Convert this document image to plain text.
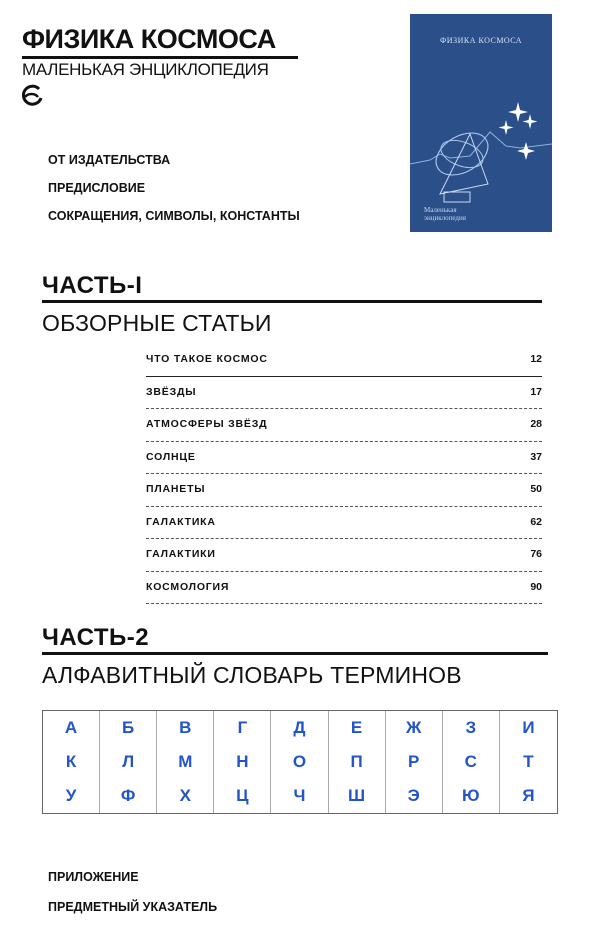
ФИЗИКА КОСМОСА
МАЛЕНЬКАЯ ЭНЦИКЛОПЕДИЯ
ОТ ИЗДАТЕЛЬСТВА
ПРЕДИСЛОВИЕ
СОКРАЩЕНИЯ, СИМВОЛЫ, КОНСТАНТЫ
ФИЗИКА КОСМОСА
Маленькая
энциклопедия
ЧАСТЬ-I
ОБЗОРНЫЕ СТАТЬИ
ЧТО ТАКОЕ КОСМОС	12
ЗВЁЗДЫ	17
АТМОСФЕРЫ ЗВЁЗД	28
СОЛНЦЕ	37
ПЛАНЕТЫ	50
ГАЛАКТИКА	62
ГАЛАКТИКИ	76
КОСМОЛОГИЯ	90
ЧАСТЬ-2
АЛФАВИТНЫЙ СЛОВАРЬ ТЕРМИНОВ
А	Б	В	Г	Д	Е	Ж	З	И
К	Л	М	Н	О	П	Р	С	Т
У	Ф	Х	Ц	Ч	Ш	Э	Ю	Я
ПРИЛОЖЕНИЕ
ПРЕДМЕТНЫЙ УКАЗАТЕЛЬ
